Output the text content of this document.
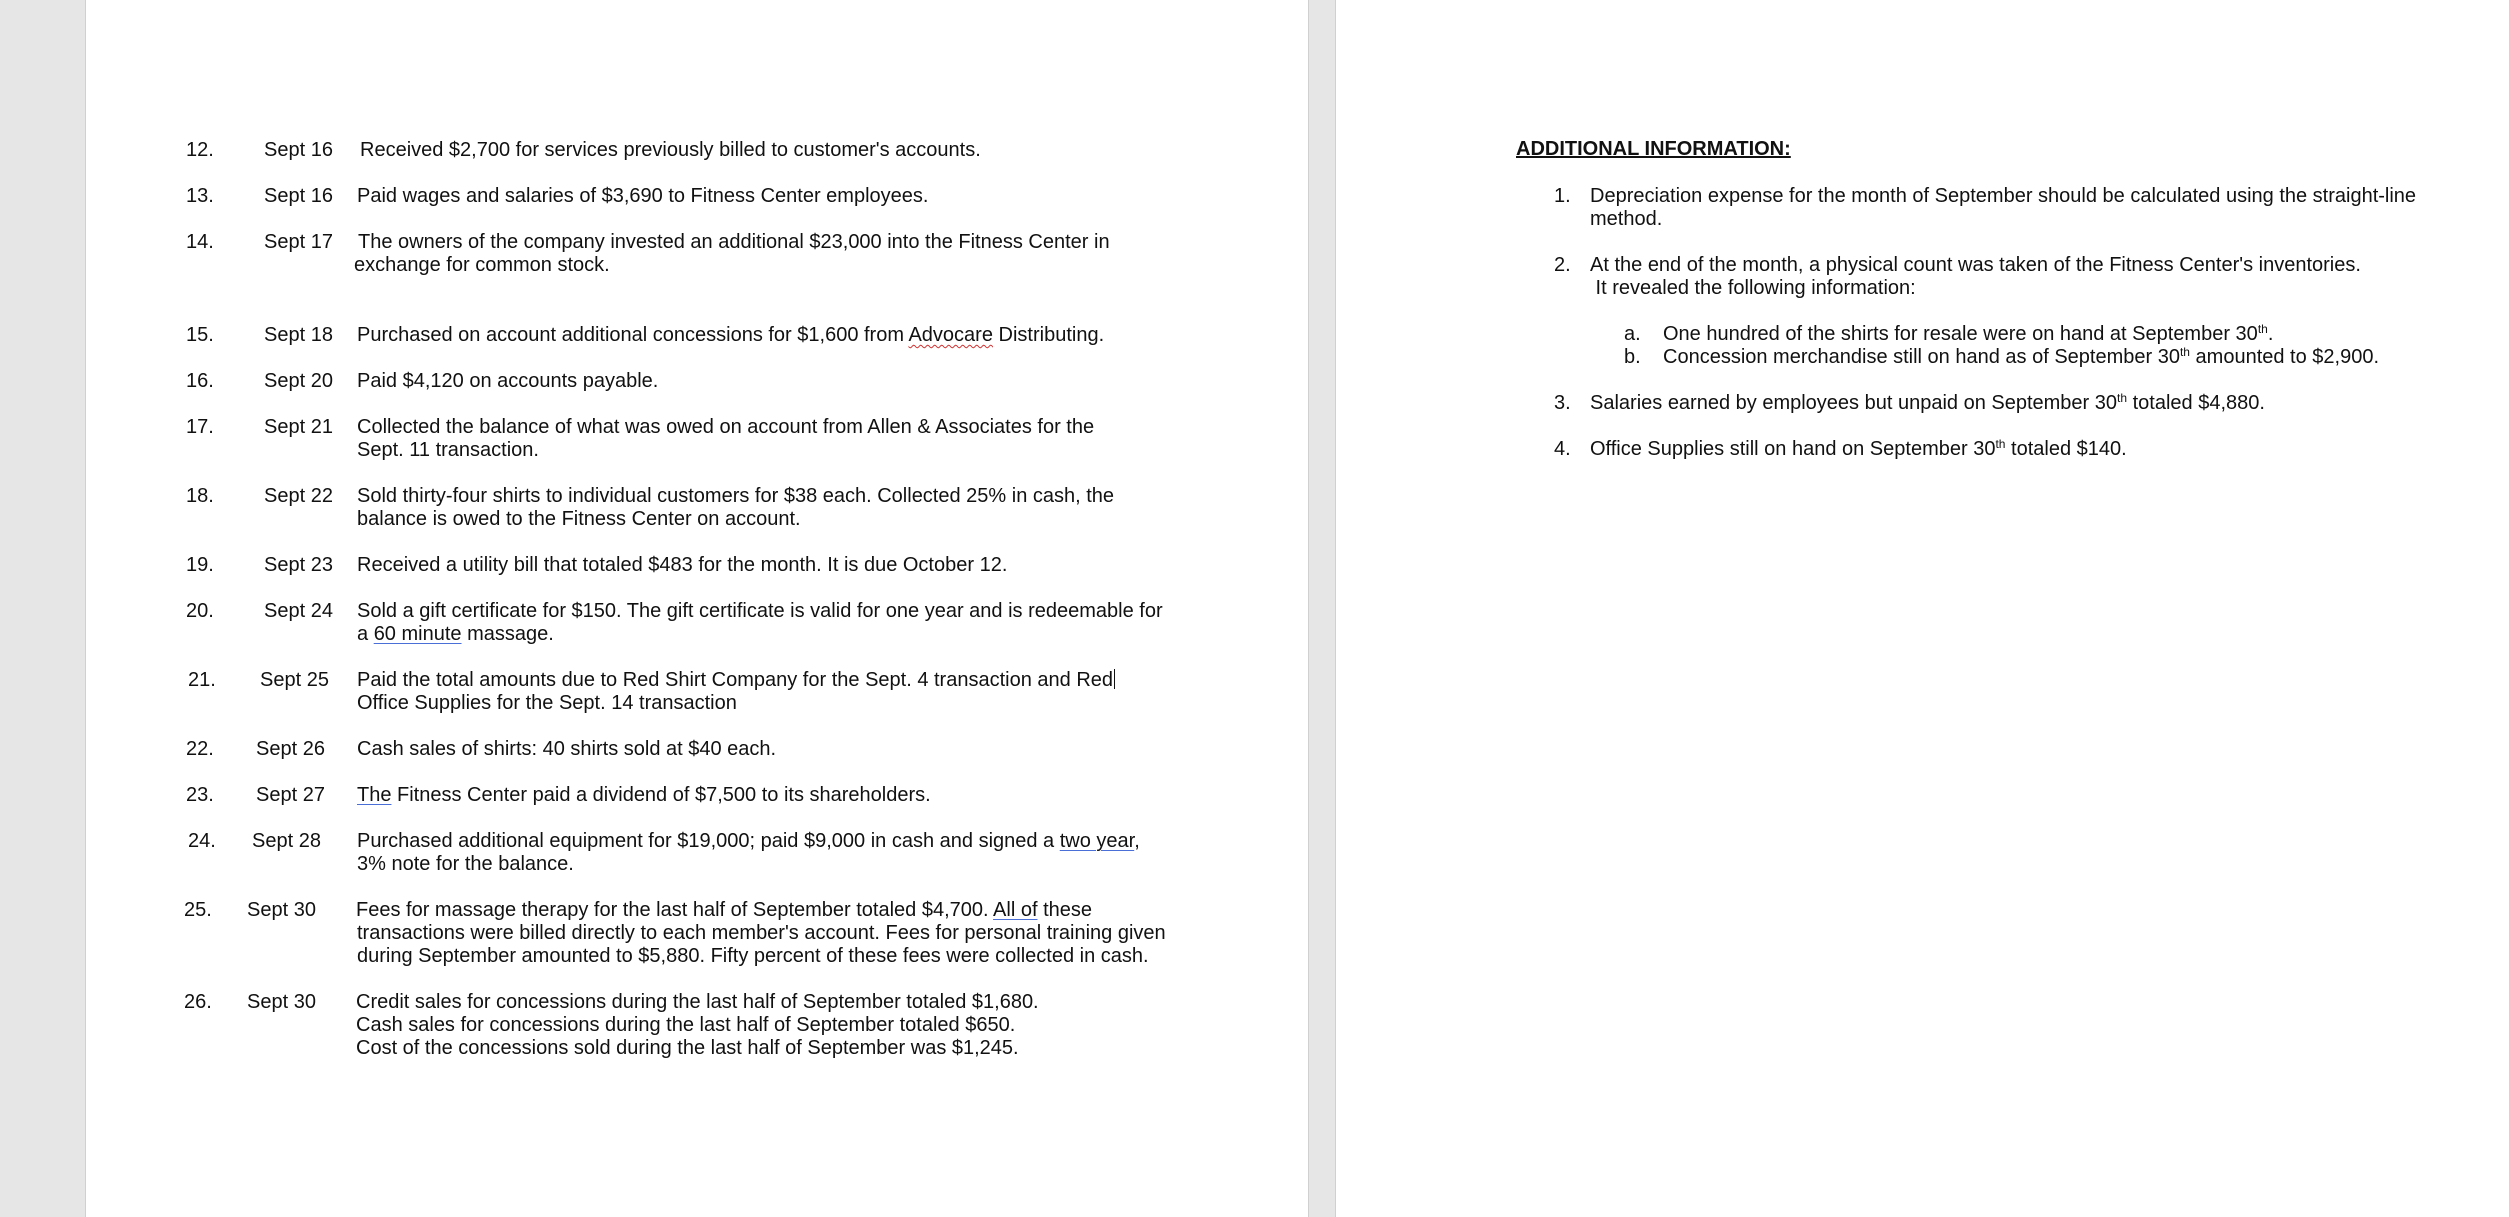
12.	Sept 16 Received $2,700 for services previously billed to customer's accounts.
13.	Sept 16 Paid wages and salaries of $3,690 to Fitness Center employees.
14.	Sept 17 The owners of the company invested an additional $23,000 into the Fitness Center in
exchange for common stock.
15.	Sept 18 Purchased on account additional concessions for $1,600 from Advocare Distributing.
16.	Sept 20 Paid $4,120 on accounts payable.
17.	Sept 21 Collected the balance of what was owed on account from Allen & Associates for the
Sept. 11 transaction.
18.	Sept 22 Sold thirty-four shirts to individual customers for $38 each. Collected 25% in cash, the
balance is owed to the Fitness Center on account.
19.	Sept 23 Received a utility bill that totaled $483 for the month. It is due October 12.
20.	Sept 24 Sold a gift certificate for $150. The gift certificate is valid for one year and is redeemable for
a 60 minute massage.
21. Sept 25 Paid the total amounts due to Red Shirt Company for the Sept. 4 transaction and Red
Office Supplies for the Sept. 14 transaction
22. Sept 26 Cash sales of shirts: 40 shirts sold at $40 each.
23. Sept 27 The Fitness Center paid a dividend of $7,500 to its shareholders.
24. Sept 28 Purchased additional equipment for $19,000; paid $9,000 in cash and signed a two year,
3% note for the balance.
25. Sept 30 Fees for massage therapy for the last half of September totaled $4,700. All of these
transactions were billed directly to each member's account. Fees for personal training given
during September amounted to $5,880. Fifty percent of these fees were collected in cash.
26. Sept 30 Credit sales for concessions during the last half of September totaled $1,680.
Cash sales for concessions during the last half of September totaled $650.
Cost of the concessions sold during the last half of September was $1,245.
ADDITIONAL INFORMATION:
1. Depreciation expense for the month of September should be calculated using the straight-line
method.
2. At the end of the month, a physical count was taken of the Fitness Center's inventories.
It revealed the following information:
a. One hundred of the shirts for resale were on hand at September 30th.
b. Concession merchandise still on hand as of September 30th amounted to $2,900.
3. Salaries earned by employees but unpaid on September 30th totaled $4,880.
4. Office Supplies still on hand on September 30th totaled $140.
